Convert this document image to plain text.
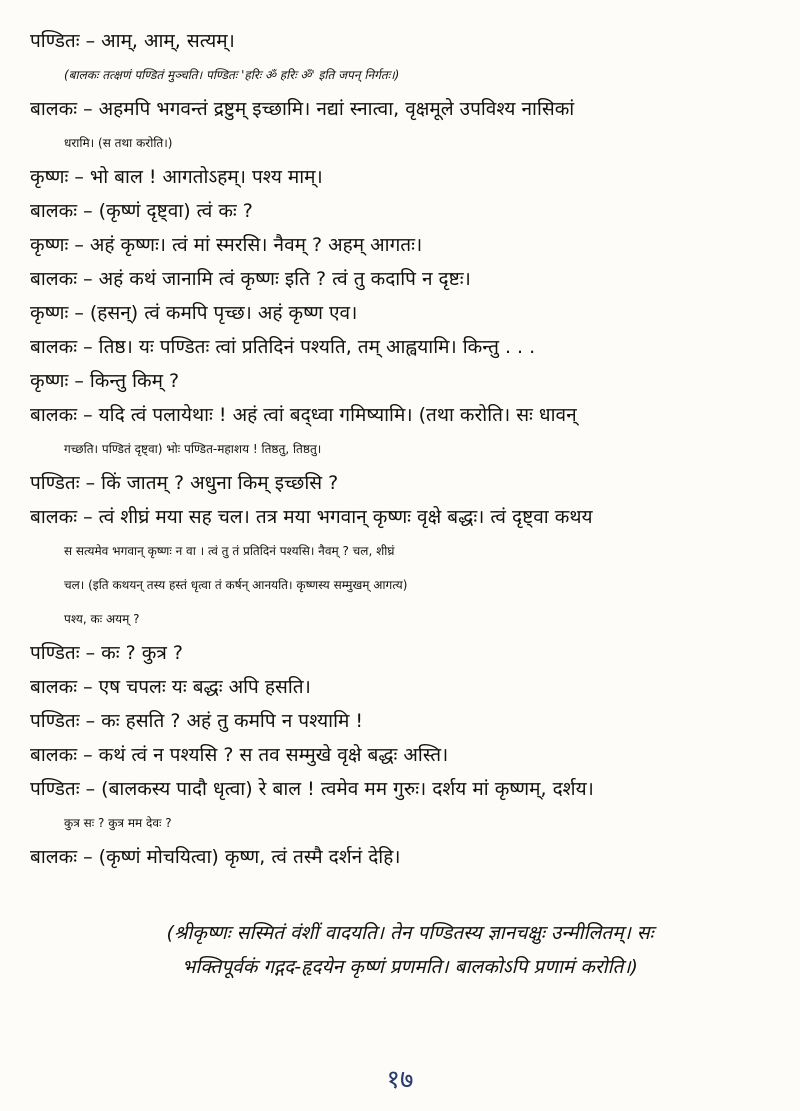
पण्डितः – आम्, आम्, सत्यम्।
(बालकः तत्क्षणं पण्डितं मुञ्चति। पण्डितः 'हरिः ॐ हरिः ॐ' इति जपन् निर्गतः।)
बालकः – अहमपि भगवन्तं द्रष्टुम् इच्छामि। नद्यां स्नात्वा, वृक्षमूले उपविश्य नासिकां
धरामि। (स तथा करोति।)
कृष्णः – भो बाल ! आगतोऽहम्। पश्य माम्।
बालकः – (कृष्णं दृष्ट्वा) त्वं कः ?
कृष्णः – अहं कृष्णः। त्वं मां स्मरसि। नैवम् ? अहम् आगतः।
बालकः – अहं कथं जानामि त्वं कृष्णः इति ? त्वं तु कदापि न दृष्टः।
कृष्णः – (हसन्) त्वं कमपि पृच्छ। अहं कृष्ण एव।
बालकः – तिष्ठ। यः पण्डितः त्वां प्रतिदिनं पश्यति, तम् आह्वयामि। किन्तु . . .
कृष्णः – किन्तु किम् ?
बालकः – यदि त्वं पलायेथाः ! अहं त्वां बद्ध्वा गमिष्यामि। (तथा करोति। सः धावन्
गच्छति। पण्डितं दृष्ट्वा) भोः पण्डित-महाशय ! तिष्ठतु, तिष्ठतु।
पण्डितः – किं जातम् ? अधुना किम् इच्छसि ?
बालकः – त्वं शीघ्रं मया सह चल। तत्र मया भगवान् कृष्णः वृक्षे बद्धः। त्वं दृष्ट्वा कथय
स सत्यमेव भगवान् कृष्णः न वा । त्वं तु तं प्रतिदिनं पश्यसि। नैवम् ? चल, शीघ्रं
चल। (इति कथयन् तस्य हस्तं धृत्वा तं कर्षन् आनयति। कृष्णस्य सम्मुखम् आगत्य)
पश्य, कः अयम् ?
पण्डितः – कः ? कुत्र ?
बालकः – एष चपलः यः बद्धः अपि हसति।
पण्डितः – कः हसति ? अहं तु कमपि न पश्यामि !
बालकः – कथं त्वं न पश्यसि ? स तव सम्मुखे वृक्षे बद्धः अस्ति।
पण्डितः – (बालकस्य पादौ धृत्वा) रे बाल ! त्वमेव मम गुरुः। दर्शय मां कृष्णम्, दर्शय।
कुत्र सः ? कुत्र मम देवः ?
बालकः – (कृष्णं मोचयित्वा) कृष्ण, त्वं तस्मै दर्शनं देहि।
(श्रीकृष्णः सस्मितं वंशीं वादयति। तेन पण्डितस्य ज्ञानचक्षुः उन्मीलितम्। सः
भक्तिपूर्वकं गद्गद-हृदयेन कृष्णं प्रणमति। बालकोऽपि प्रणामं करोति।)
१७
